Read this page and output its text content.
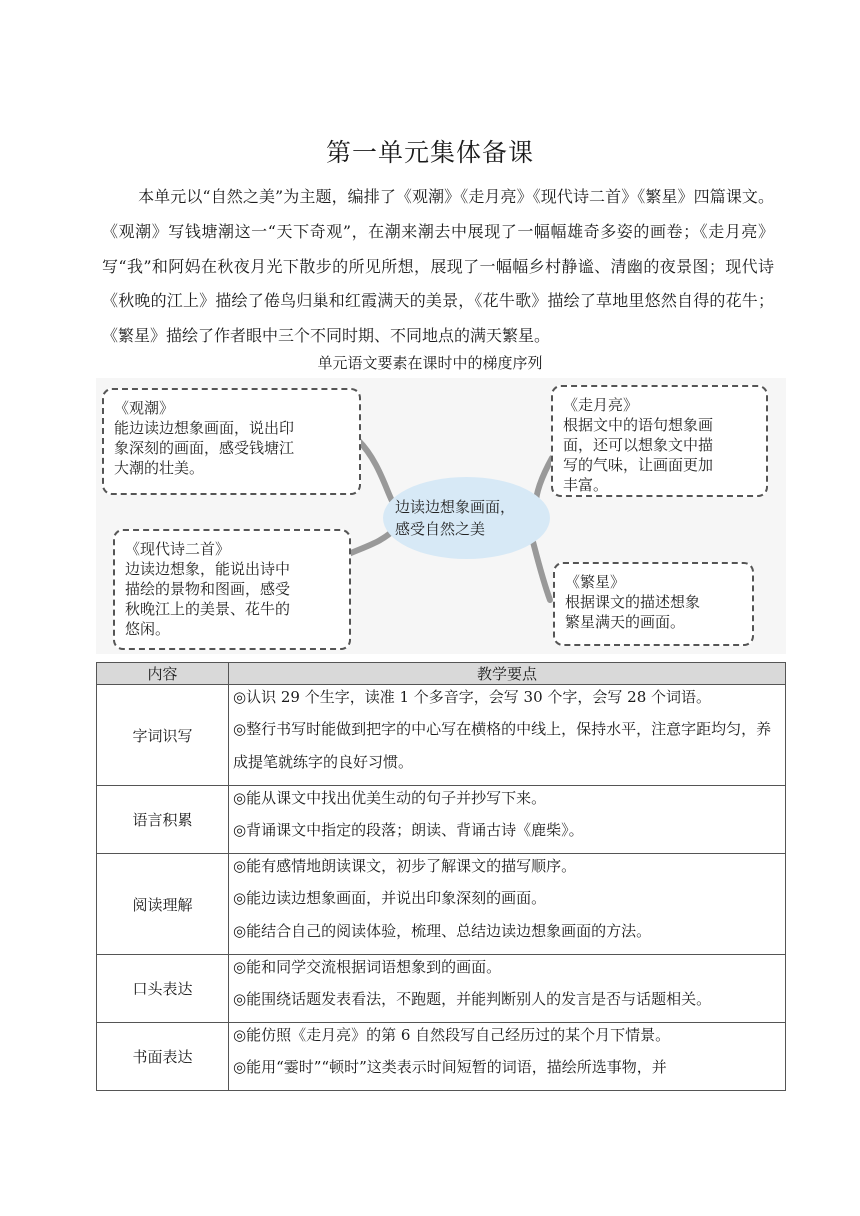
第一单元集体备课
本单元以“自然之美”为主题，编排了《观潮》《走月亮》《现代诗二首》《繁星》四篇课文。《观潮》写钱塘潮这一“天下奇观”，在潮来潮去中展现了一幅幅雄奇多姿的画卷；《走月亮》写“我”和阿妈在秋夜月光下散步的所见所想，展现了一幅幅乡村静谧、清幽的夜景图；现代诗《秋晚的江上》描绘了倦鸟归巢和红霞满天的美景，《花牛歌》描绘了草地里悠然自得的花牛；《繁星》描绘了作者眼中三个不同时期、不同地点的满天繁星。
单元语文要素在课时中的梯度序列
《观潮》
能边读边想象画面，说出印
象深刻的画面，感受钱塘江
大潮的壮美。
《走月亮》
根据文中的语句想象画
面，还可以想象文中描
写的气味，让画面更加
丰富。
边读边想象画面，
感受自然之美
《现代诗二首》
边读边想象，能说出诗中
描绘的景物和图画，感受
秋晚江上的美景、花牛的
悠闲。
《繁星》
根据课文的描述想象
繁星满天的画面。
内容	教学要点
字词识写	◎认识 29 个生字，读准 1 个多音字，会写 30 个字，会写 28 个词语。

◎整行书写时能做到把字的中心写在横格的中线上，保持水平，注意字距均匀，养成提笔就练字的良好习惯。

语言积累	◎能从课文中找出优美生动的句子并抄写下来。

◎背诵课文中指定的段落；朗读、背诵古诗《鹿柴》。

阅读理解	◎能有感情地朗读课文，初步了解课文的描写顺序。

◎能边读边想象画面，并说出印象深刻的画面。

◎能结合自己的阅读体验，梳理、总结边读边想象画面的方法。

口头表达	◎能和同学交流根据词语想象到的画面。

◎能围绕话题发表看法，不跑题，并能判断别人的发言是否与话题相关。

书面表达	◎能仿照《走月亮》的第 6 自然段写自己经历过的某个月下情景。

◎能用“霎时”“顿时”这类表示时间短暂的词语，描绘所选事物，并
